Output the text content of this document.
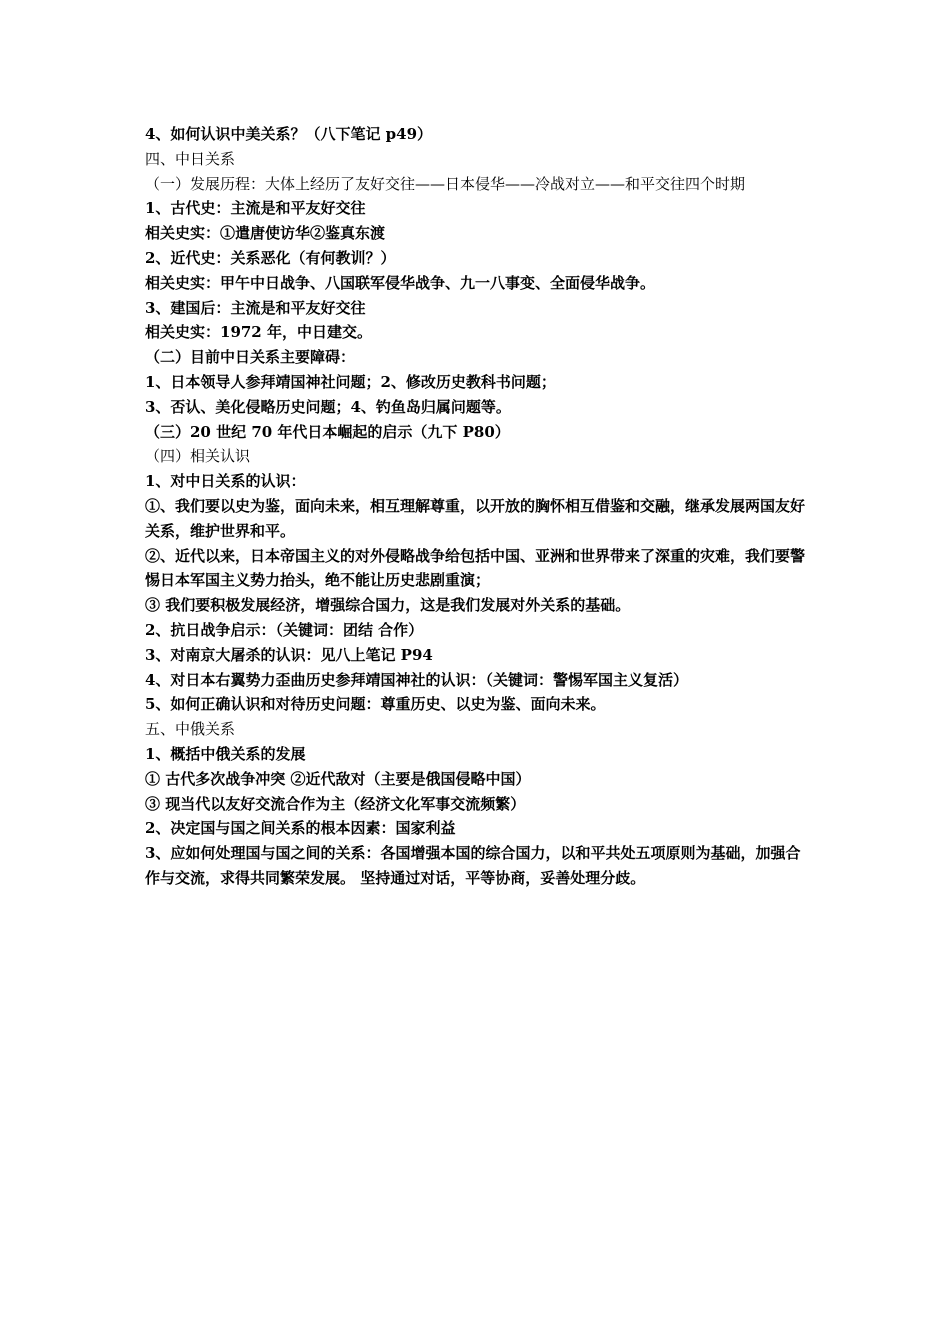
4、如何认识中美关系？（八下笔记 p49）
四、中日关系
（一）发展历程：大体上经历了友好交往——日本侵华——冷战对立——和平交往四个时期
1、古代史：主流是和平友好交往
相关史实：①遣唐使访华②鉴真东渡
2、近代史：关系恶化（有何教训？）
相关史实：甲午中日战争、八国联军侵华战争、九一八事变、全面侵华战争。
3、建国后：主流是和平友好交往
相关史实：1972 年，中日建交。
（二）目前中日关系主要障碍：
1、日本领导人参拜靖国神社问题；2、修改历史教科书问题；
3、否认、美化侵略历史问题；4、钓鱼岛归属问题等。
（三）20 世纪 70 年代日本崛起的启示（九下 P80）
（四）相关认识
1、对中日关系的认识：
①、我们要以史为鉴，面向未来，相互理解尊重，以开放的胸怀相互借鉴和交融，继承发展两国友好关系，维护世界和平。
②、近代以来，日本帝国主义的对外侵略战争给包括中国、亚洲和世界带来了深重的灾难，我们要警惕日本军国主义势力抬头，绝不能让历史悲剧重演；
③ 我们要积极发展经济，增强综合国力，这是我们发展对外关系的基础。
2、抗日战争启示：（关键词：团结 合作）
3、对南京大屠杀的认识：见八上笔记 P94
4、对日本右翼势力歪曲历史参拜靖国神社的认识：（关键词：警惕军国主义复活）
5、如何正确认识和对待历史问题：尊重历史、以史为鉴、面向未来。
五、中俄关系
1、概括中俄关系的发展
① 古代多次战争冲突 ②近代敌对（主要是俄国侵略中国）
③ 现当代以友好交流合作为主（经济文化军事交流频繁）
2、决定国与国之间关系的根本因素：国家利益
3、应如何处理国与国之间的关系：各国增强本国的综合国力，以和平共处五项原则为基础，加强合作与交流，求得共同繁荣发展。 坚持通过对话，平等协商，妥善处理分歧。
